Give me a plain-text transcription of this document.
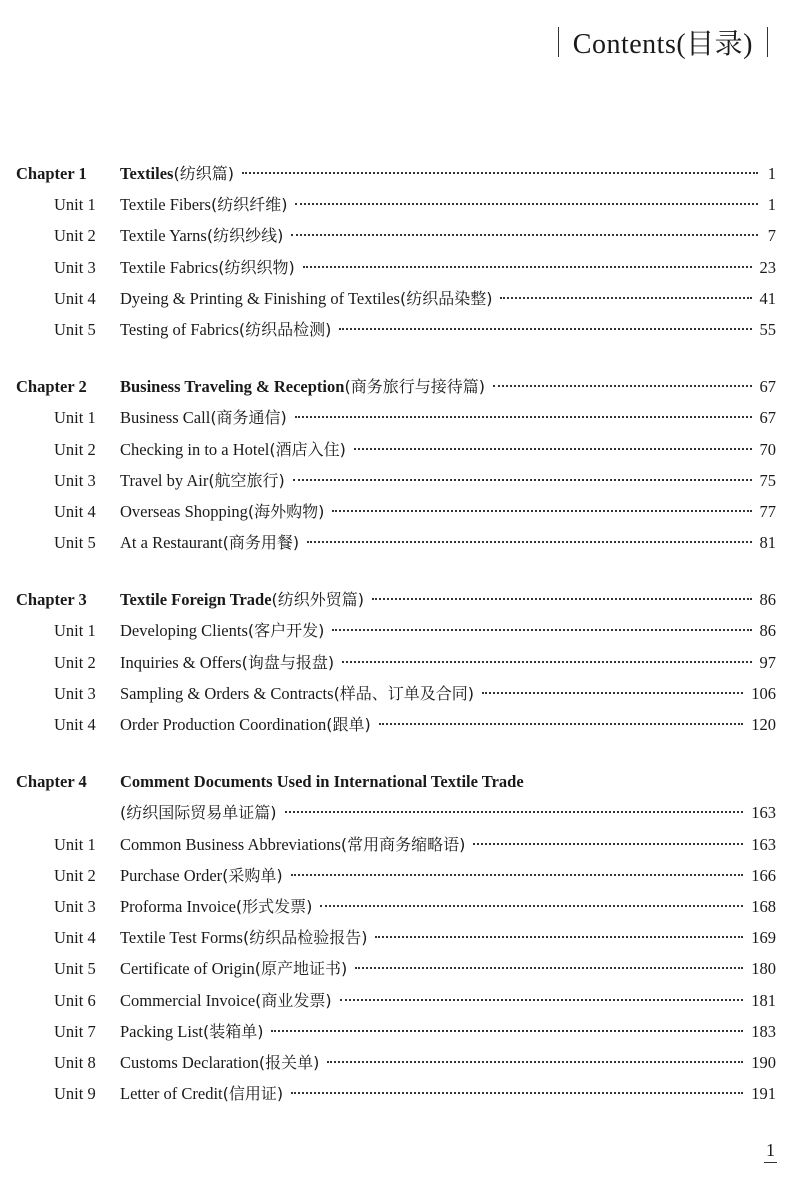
Contents(目录)
Chapter 1 Textiles(纺织篇)	1
Unit 1 Textile Fibers(纺织纤维)	1
Unit 2 Textile Yarns(纺织纱线)	7
Unit 3 Textile Fabrics(纺织织物)	23
Unit 4 Dyeing & Printing & Finishing of Textiles(纺织品染整)	41
Unit 5 Testing of Fabrics(纺织品检测)	55
Chapter 2 Business Traveling & Reception(商务旅行与接待篇)	67
Unit 1 Business Call(商务通信)	67
Unit 2 Checking in to a Hotel(酒店入住)	70
Unit 3 Travel by Air(航空旅行)	75
Unit 4 Overseas Shopping(海外购物)	77
Unit 5 At a Restaurant(商务用餐)	81
Chapter 3 Textile Foreign Trade(纺织外贸篇)	86
Unit 1 Developing Clients(客户开发)	86
Unit 2 Inquiries & Offers(询盘与报盘)	97
Unit 3 Sampling & Orders & Contracts(样品、订单及合同)	106
Unit 4 Order Production Coordination(跟单)	120
Chapter 4 Comment Documents Used in International Textile Trade
(纺织国际贸易单证篇)	163
Unit 1 Common Business Abbreviations(常用商务缩略语)	163
Unit 2 Purchase Order(采购单)	166
Unit 3 Proforma Invoice(形式发票)	168
Unit 4 Textile Test Forms(纺织品检验报告)	169
Unit 5 Certificate of Origin(原产地证书)	180
Unit 6 Commercial Invoice(商业发票)	181
Unit 7 Packing List(装箱单)	183
Unit 8 Customs Declaration(报关单)	190
Unit 9 Letter of Credit(信用证)	191
1
